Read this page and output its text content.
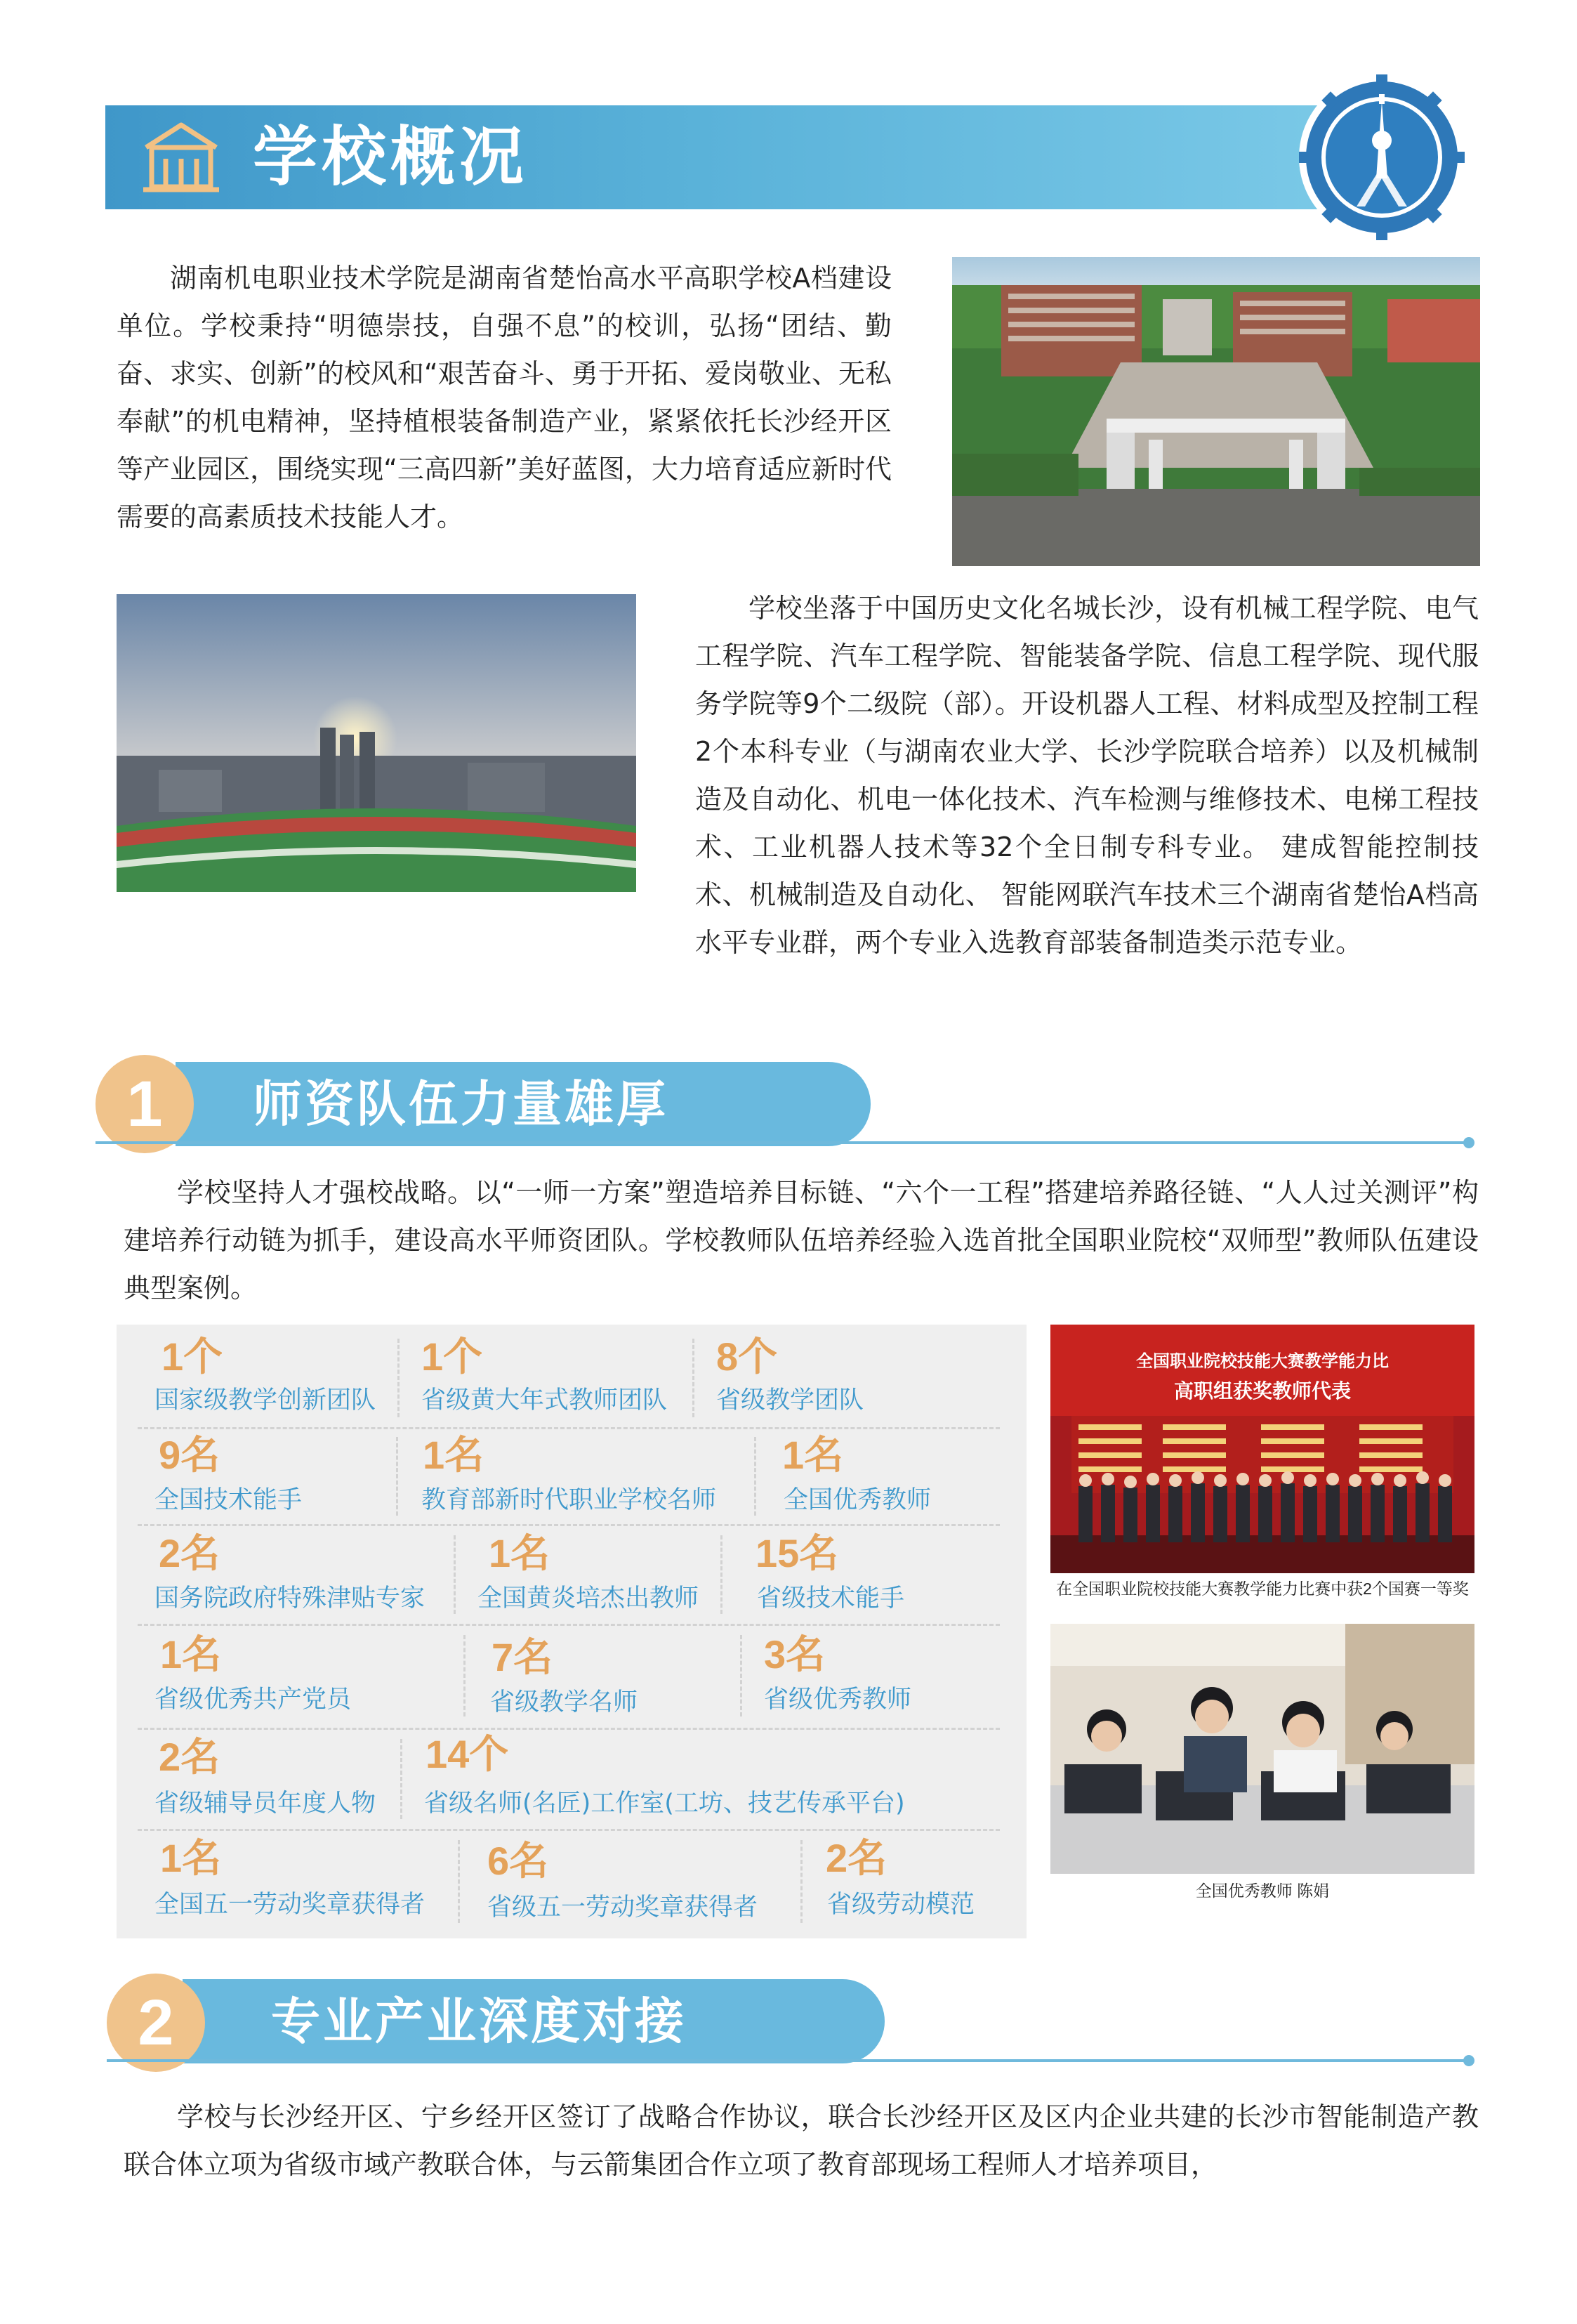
学校概况

湖南机电职业技术学院是湖南省楚怡高水平高职学校A档建设单位。学校秉持“明德崇技，自强不息”的校训，弘扬“团结、勤奋、求实、创新”的校风和“艰苦奋斗、勇于开拓、爱岗敬业、无私奉献”的机电精神，坚持植根装备制造产业，紧紧依托长沙经开区等产业园区，围绕实现“三高四新”美好蓝图，大力培育适应新时代需要的高素质技术技能人才。

学校坐落于中国历史文化名城长沙，设有机械工程学院、电气工程学院、汽车工程学院、智能装备学院、信息工程学院、现代服务学院等9个二级院（部）。开设机器人工程、材料成型及控制工程2个本科专业（与湖南农业大学、长沙学院联合培养）以及机械制造及自动化、机电一体化技术、汽车检测与维修技术、电梯工程技术、工业机器人技术等32个全日制专科专业。 建成智能控制技术、机械制造及自动化、 智能网联汽车技术三个湖南省楚怡A档高水平专业群，两个专业入选教育部装备制造类示范专业。

1	师资队伍力量雄厚

学校坚持人才强校战略。以“一师一方案”塑造培养目标链、“六个一工程”搭建培养路径链、“人人过关测评”构建培养行动链为抓手，建设高水平师资团队。学校教师队伍培养经验入选首批全国职业院校“双师型”教师队伍建设典型案例。

1个
国家级教学创新团队
1个
省级黄大年式教师团队
8个
省级教学团队
9名
全国技术能手
1名
教育部新时代职业学校名师
1名
全国优秀教师
2名
国务院政府特殊津贴专家
1名
全国黄炎培杰出教师
15名
省级技术能手
1名
省级优秀共产党员
7名
省级教学名师
3名
省级优秀教师
2名
省级辅导员年度人物
14个
省级名师(名匠)工作室(工坊、技艺传承平台)
1名
全国五一劳动奖章获得者
6名
省级五一劳动奖章获得者
2名
省级劳动模范
全国职业院校技能大赛教学能力比
高职组获奖教师代表
在全国职业院校技能大赛教学能力比赛中获2个国赛一等奖
全国优秀教师 陈娟
2	专业产业深度对接

学校与长沙经开区、宁乡经开区签订了战略合作协议，联合长沙经开区及区内企业共建的长沙市智能制造产教联合体立项为省级市域产教联合体，与云箭集团合作立项了教育部现场工程师人才培养项目，
